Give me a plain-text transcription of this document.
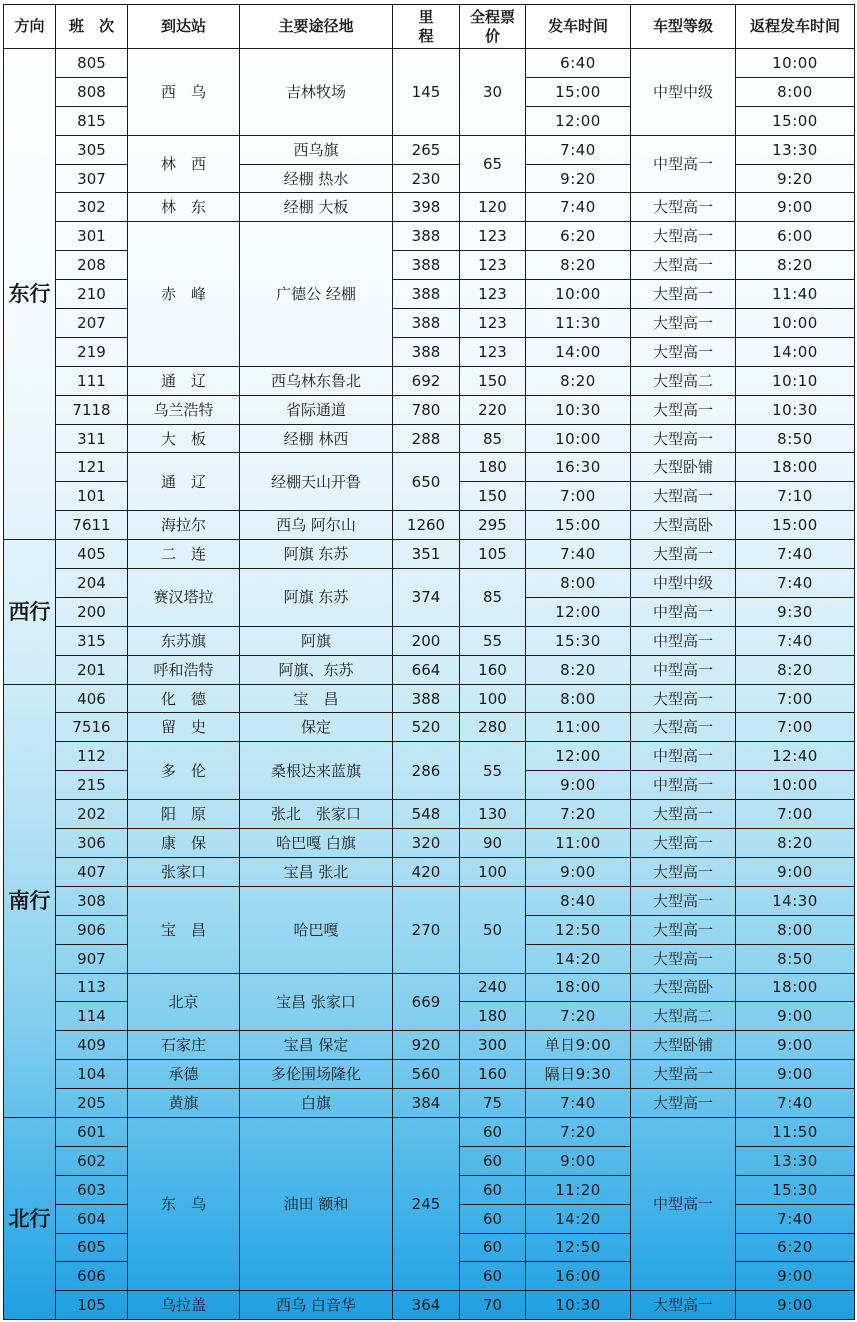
方向	班　次	到达站	主要途径地	里程	全程票价	发车时间	车型等级	返程发车时间
东行	805	西　乌	吉林牧场	145	30	6:40	中型中级	10:00
	808					15:00		8:00
	815					12:00		15:00
	305	林　西	西乌旗	265	65	7:40	中型高一	13:30
	307		经棚 热水	230		9:20		9:20
	302	林　东	经棚 大板	398	120	7:40	大型高一	9:00
	301	赤　峰	广德公 经棚	388	123	6:20	大型高一	6:00
	208			388	123	8:20	大型高一	8:20
	210			388	123	10:00	大型高一	11:40
	207			388	123	11:30	大型高一	10:00
	219			388	123	14:00	大型高一	14:00
	111	通　辽	西乌林东鲁北	692	150	8:20	大型高二	10:10
	7118	乌兰浩特	省际通道	780	220	10:30	大型高一	10:30
	311	大　板	经棚 林西	288	85	10:00	大型高一	8:50
	121	通　辽	经棚天山开鲁	650	180	16:30	大型卧铺	18:00
	101				150	7:00	大型高一	7:10
	7611	海拉尔	西乌 阿尔山	1260	295	15:00	大型高卧	15:00
西行	405	二　连	阿旗 东苏	351	105	7:40	大型高一	7:40
	204	赛汉塔拉	阿旗 东苏	374	85	8:00	中型中级	7:40
	200					12:00	中型高一	9:30
	315	东苏旗	阿旗	200	55	15:30	中型高一	7:40
	201	呼和浩特	阿旗、东苏	664	160	8:20	中型高一	8:20
南行	406	化　德	宝　昌	388	100	8:00	大型高一	7:00
	7516	留　史	保定	520	280	11:00	大型高一	7:00
	112	多　伦	桑根达来蓝旗	286	55	12:00	中型高一	12:40
	215					9:00	中型高一	10:00
	202	阳　原	张北　张家口	548	130	7:20	大型高一	7:00
	306	康　保	哈巴嘎 白旗	320	90	11:00	大型高一	8:20
	407	张家口	宝昌 张北	420	100	9:00	大型高一	9:00
	308	宝　昌	哈巴嘎	270	50	8:40	大型高一	14:30
	906					12:50	大型高一	8:00
	907					14:20	大型高一	8:50
	113	北京	宝昌 张家口	669	240	18:00	大型高卧	18:00
	114				180	7:20	大型高二	9:00
	409	石家庄	宝昌 保定	920	300	单日9:00	大型卧铺	9:00
	104	承德	多伦围场隆化	560	160	隔日9:30	大型高一	9:00
	205	黄旗	白旗	384	75	7:40	大型高一	7:40
北行	601	东　乌	油田 额和	245	60	7:20	中型高一	11:50
	602				60	9:00		13:30
	603				60	11:20		15:30
	604				60	14:20		7:40
	605				60	12:50		6:20
	606				60	16:00		9:00
	105	乌拉盖	西乌 白音华	364	70	10:30	大型高一	9:00
